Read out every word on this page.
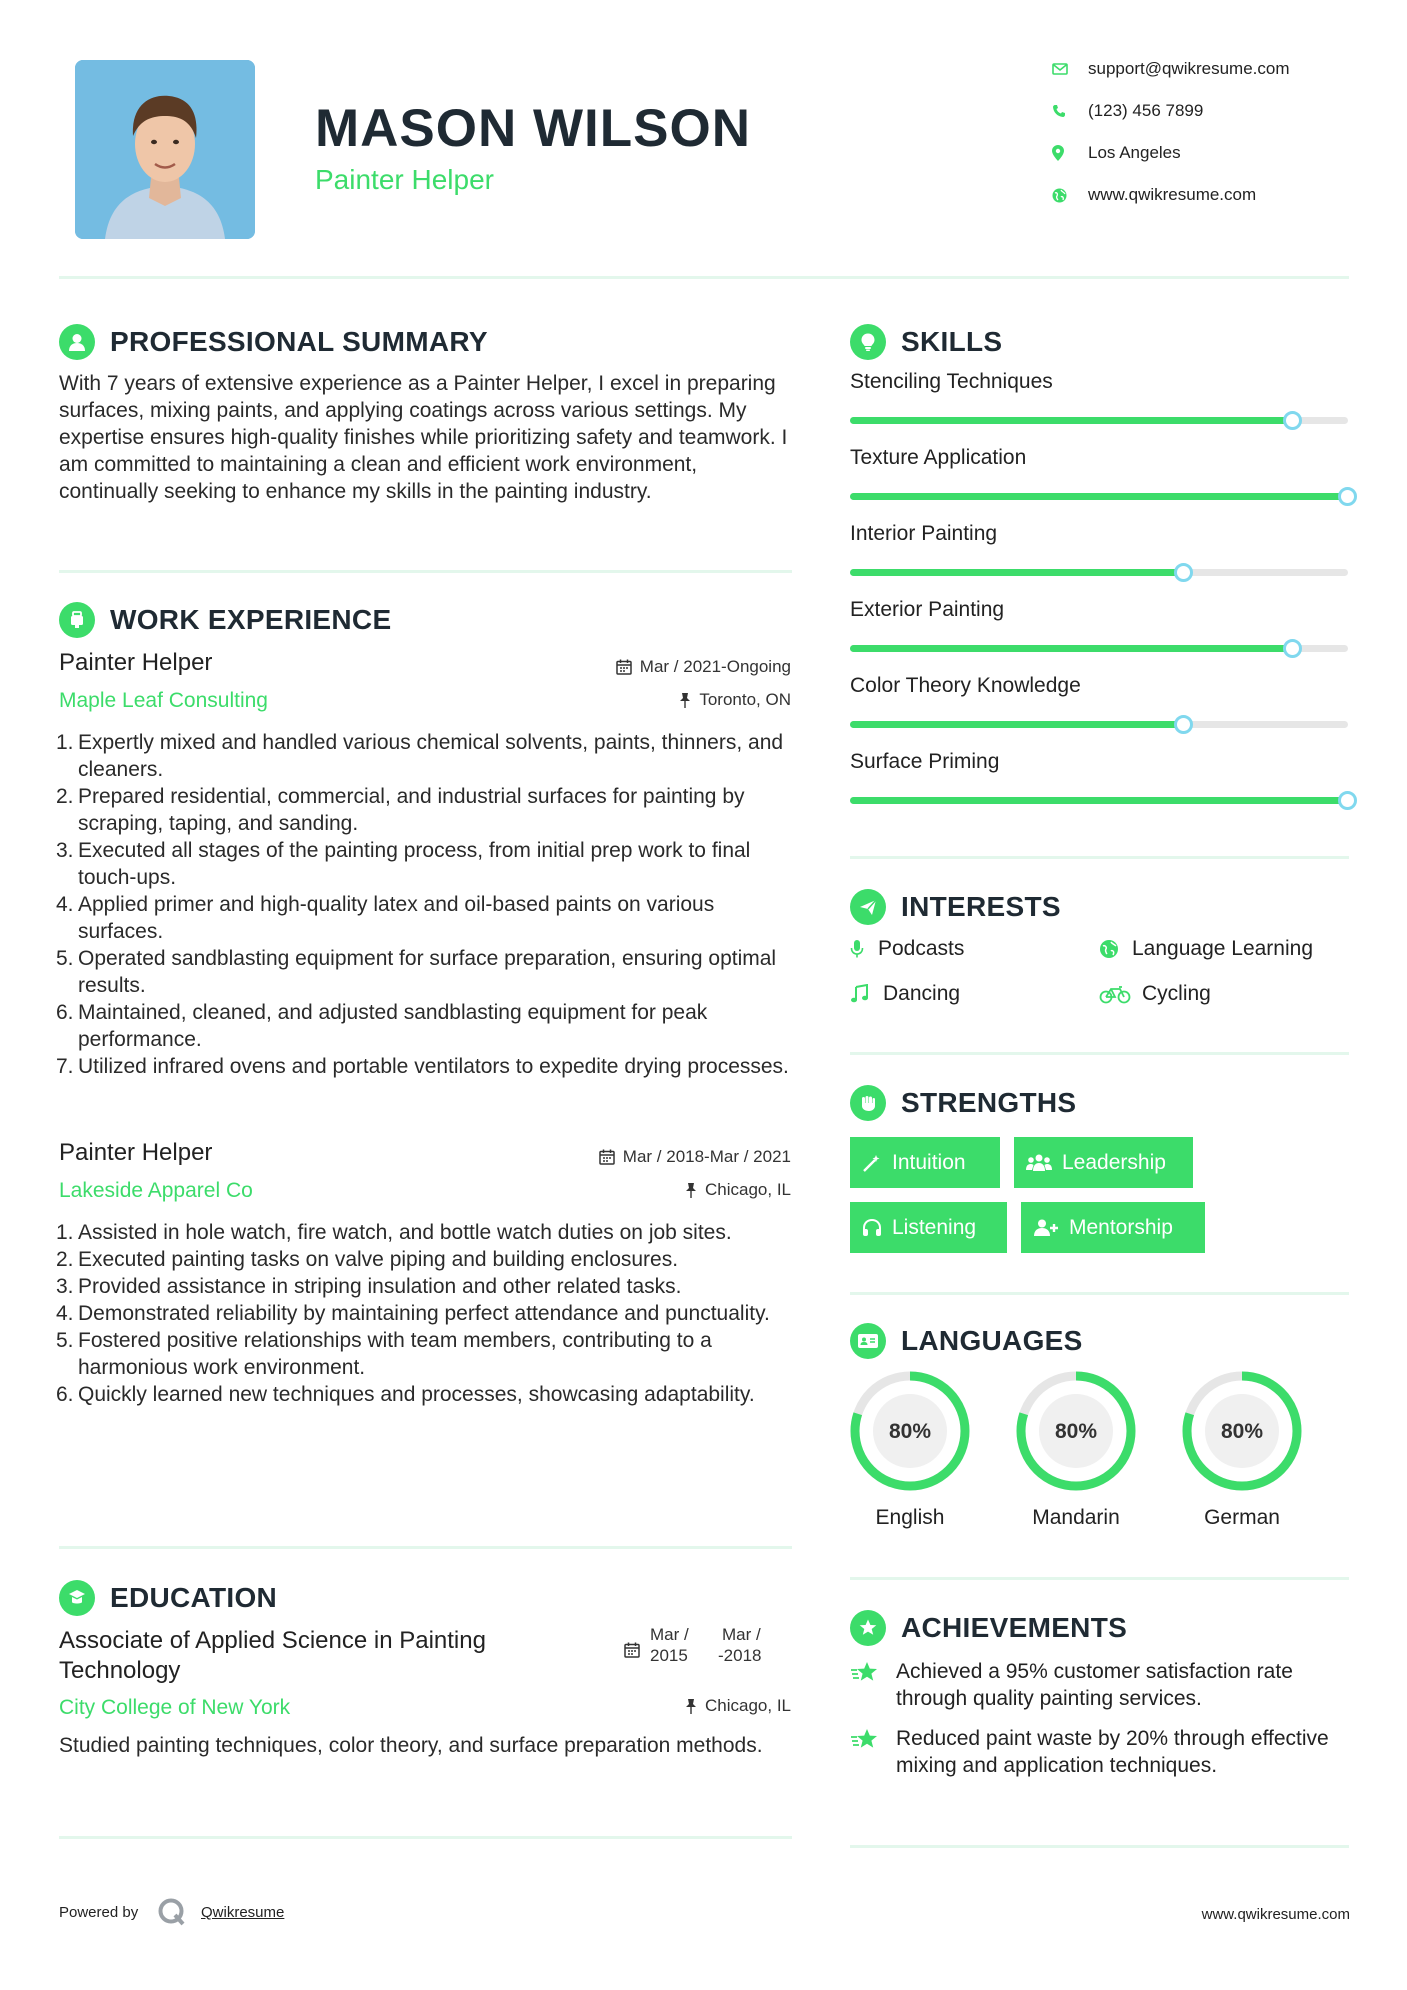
MASON WILSON
Painter Helper
support@qwikresume.com
(123) 456 7899
Los Angeles
www.qwikresume.com
PROFESSIONAL SUMMARY
With 7 years of extensive experience as a Painter Helper, I excel in preparing surfaces, mixing paints, and applying coatings across various settings. My expertise ensures high-quality finishes while prioritizing safety and teamwork. I am committed to maintaining a clean and efficient work environment, continually seeking to enhance my skills in the painting industry.
WORK EXPERIENCE
Painter Helper	Mar / 2021-Ongoing
Maple Leaf Consulting	Toronto, ON
1. Expertly mixed and handled various chemical solvents, paints, thinners, and cleaners.
2. Prepared residential, commercial, and industrial surfaces for painting by scraping, taping, and sanding.
3. Executed all stages of the painting process, from initial prep work to final touch-ups.
4. Applied primer and high-quality latex and oil-based paints on various surfaces.
5. Operated sandblasting equipment for surface preparation, ensuring optimal results.
6. Maintained, cleaned, and adjusted sandblasting equipment for peak performance.
7. Utilized infrared ovens and portable ventilators to expedite drying processes.
Painter Helper	Mar / 2018-Mar / 2021
Lakeside Apparel Co	Chicago, IL
1. Assisted in hole watch, fire watch, and bottle watch duties on job sites.
2. Executed painting tasks on valve piping and building enclosures.
3. Provided assistance in striping insulation and other related tasks.
4. Demonstrated reliability by maintaining perfect attendance and punctuality.
5. Fostered positive relationships with team members, contributing to a harmonious work environment.
6. Quickly learned new techniques and processes, showcasing adaptability.
EDUCATION
Associate of Applied Science in Painting Technology
Mar /
2015
Mar /
-2018
City College of New York	Chicago, IL
Studied painting techniques, color theory, and surface preparation methods.
SKILLS
Stenciling Techniques
Texture Application
Interior Painting
Exterior Painting
Color Theory Knowledge
Surface Priming
INTERESTS
Podcasts	Language Learning
Dancing	Cycling
STRENGTHS
Intuition	Leadership
Listening	Mentorship
LANGUAGES
80%
English
80%
Mandarin
80%
German
ACHIEVEMENTS
Achieved a 95% customer satisfaction rate through quality painting services.
Reduced paint waste by 20% through effective mixing and application techniques.
Powered by	Qwikresume	www.qwikresume.com
